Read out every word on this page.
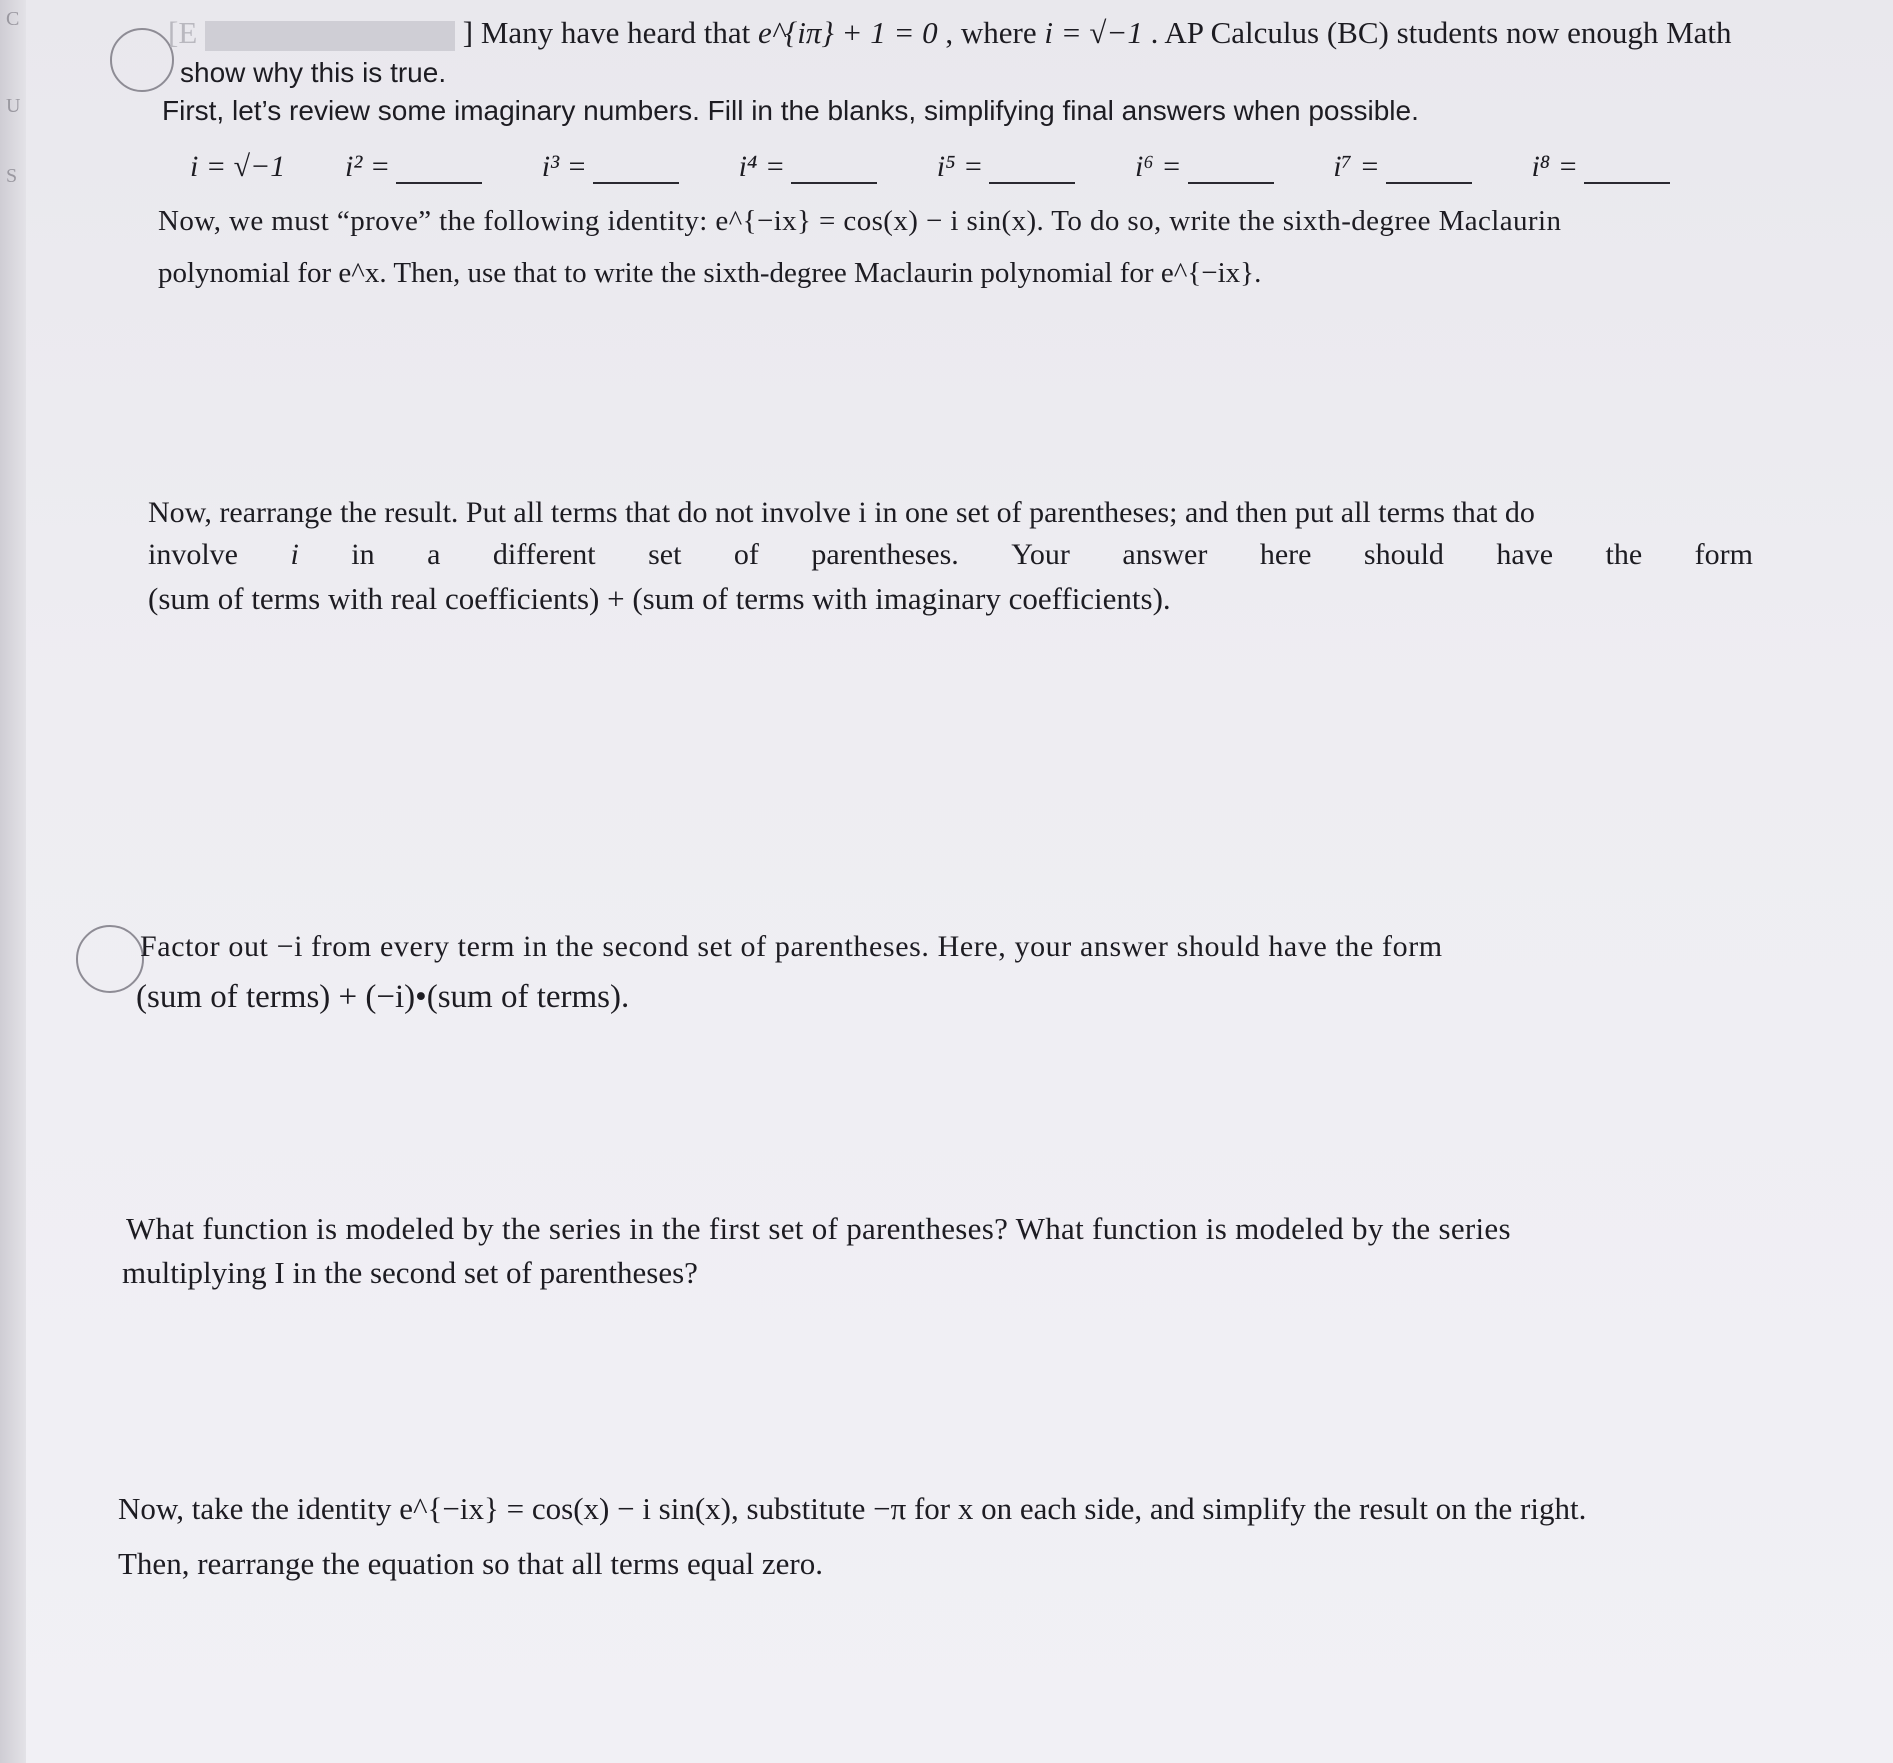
C
U
S
[E	] Many have heard that e^{iπ} + 1 = 0 , where i = √−1 . AP Calculus (BC) students now enough Math
show why this is true.
First, let’s review some imaginary numbers. Fill in the blanks, simplifying final answers when possible.
i = √−1 i² =	i³ =	i⁴ =	i⁵ =	i⁶ =	i⁷ =	i⁸ =
Now, we must “prove” the following identity: e^{−ix} = cos(x) − i sin(x). To do so, write the sixth-degree Maclaurin
polynomial for e^x. Then, use that to write the sixth-degree Maclaurin polynomial for e^{−ix}.
Now, rearrange the result. Put all terms that do not involve i in one set of parentheses; and then put all terms that do
involve i in a different set of parentheses. Your answer here should have the form
(sum of terms with real coefficients) + (sum of terms with imaginary coefficients).
Factor out −i from every term in the second set of parentheses. Here, your answer should have the form
(sum of terms) + (−i)•(sum of terms).
What function is modeled by the series in the first set of parentheses? What function is modeled by the series
multiplying I in the second set of parentheses?
Now, take the identity e^{−ix} = cos(x) − i sin(x), substitute −π for x on each side, and simplify the result on the right.
Then, rearrange the equation so that all terms equal zero.
